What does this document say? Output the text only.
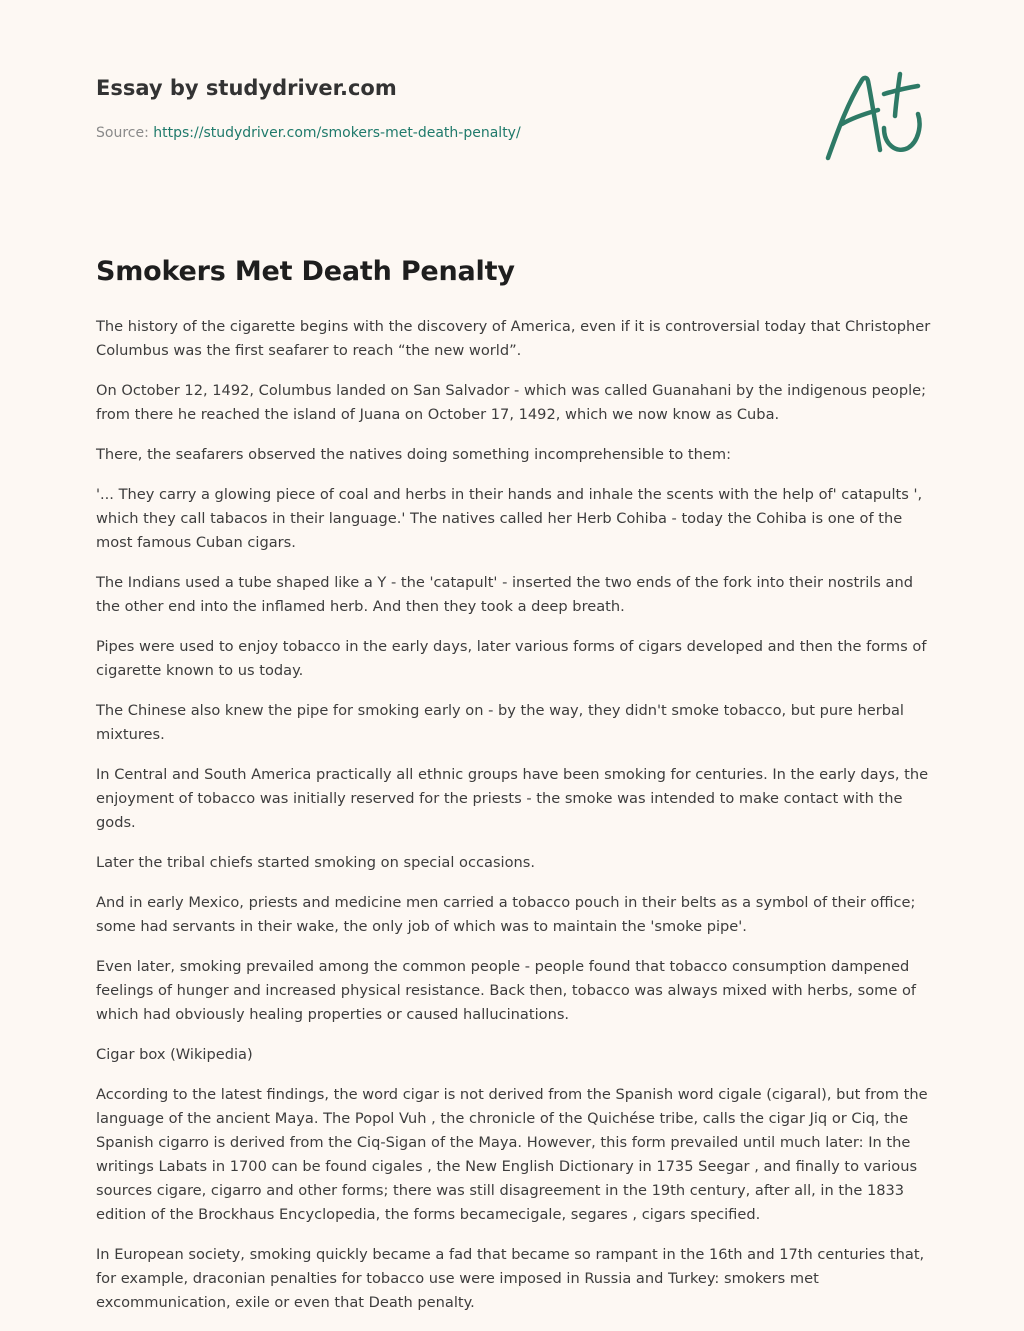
Essay by studydriver.com

Source: https://studydriver.com/smokers-met-death-penalty/

Smokers Met Death Penalty

The history of the cigarette begins with the discovery of America, even if it is controversial today that Christopher Columbus was the first seafarer to reach “the new world”.

On October 12, 1492, Columbus landed on San Salvador - which was called Guanahani by the indigenous people; from there he reached the island of Juana on October 17, 1492, which we now know as Cuba.

There, the seafarers observed the natives doing something incomprehensible to them:

'... They carry a glowing piece of coal and herbs in their hands and inhale the scents with the help of' catapults ', which they call tabacos in their language.' The natives called her Herb Cohiba - today the Cohiba is one of the most famous Cuban cigars.

The Indians used a tube shaped like a Y - the 'catapult' - inserted the two ends of the fork into their nostrils and the other end into the inflamed herb. And then they took a deep breath.

Pipes were used to enjoy tobacco in the early days, later various forms of cigars developed and then the forms of cigarette known to us today.

The Chinese also knew the pipe for smoking early on - by the way, they didn't smoke tobacco, but pure herbal mixtures.

In Central and South America practically all ethnic groups have been smoking for centuries. In the early days, the enjoyment of tobacco was initially reserved for the priests - the smoke was intended to make contact with the gods.

Later the tribal chiefs started smoking on special occasions.

And in early Mexico, priests and medicine men carried a tobacco pouch in their belts as a symbol of their office; some had servants in their wake, the only job of which was to maintain the 'smoke pipe'.

Even later, smoking prevailed among the common people - people found that tobacco consumption dampened feelings of hunger and increased physical resistance. Back then, tobacco was always mixed with herbs, some of which had obviously healing properties or caused hallucinations.

Cigar box (Wikipedia)

According to the latest findings, the word cigar is not derived from the Spanish word cigale (cigaral), but from the language of the ancient Maya. The Popol Vuh , the chronicle of the Quichése tribe, calls the cigar Jiq or Ciq, the Spanish cigarro is derived from the Ciq-Sigan of the Maya. However, this form prevailed until much later: In the writings Labats in 1700 can be found cigales , the New English Dictionary in 1735 Seegar , and finally to various sources cigare, cigarro and other forms; there was still disagreement in the 19th century, after all, in the 1833 edition of the Brockhaus Encyclopedia, the forms becamecigale, segares , cigars specified.

In European society, smoking quickly became a fad that became so rampant in the 16th and 17th centuries that, for example, draconian penalties for tobacco use were imposed in Russia and Turkey: smokers met excommunication, exile or even that Death penalty.
